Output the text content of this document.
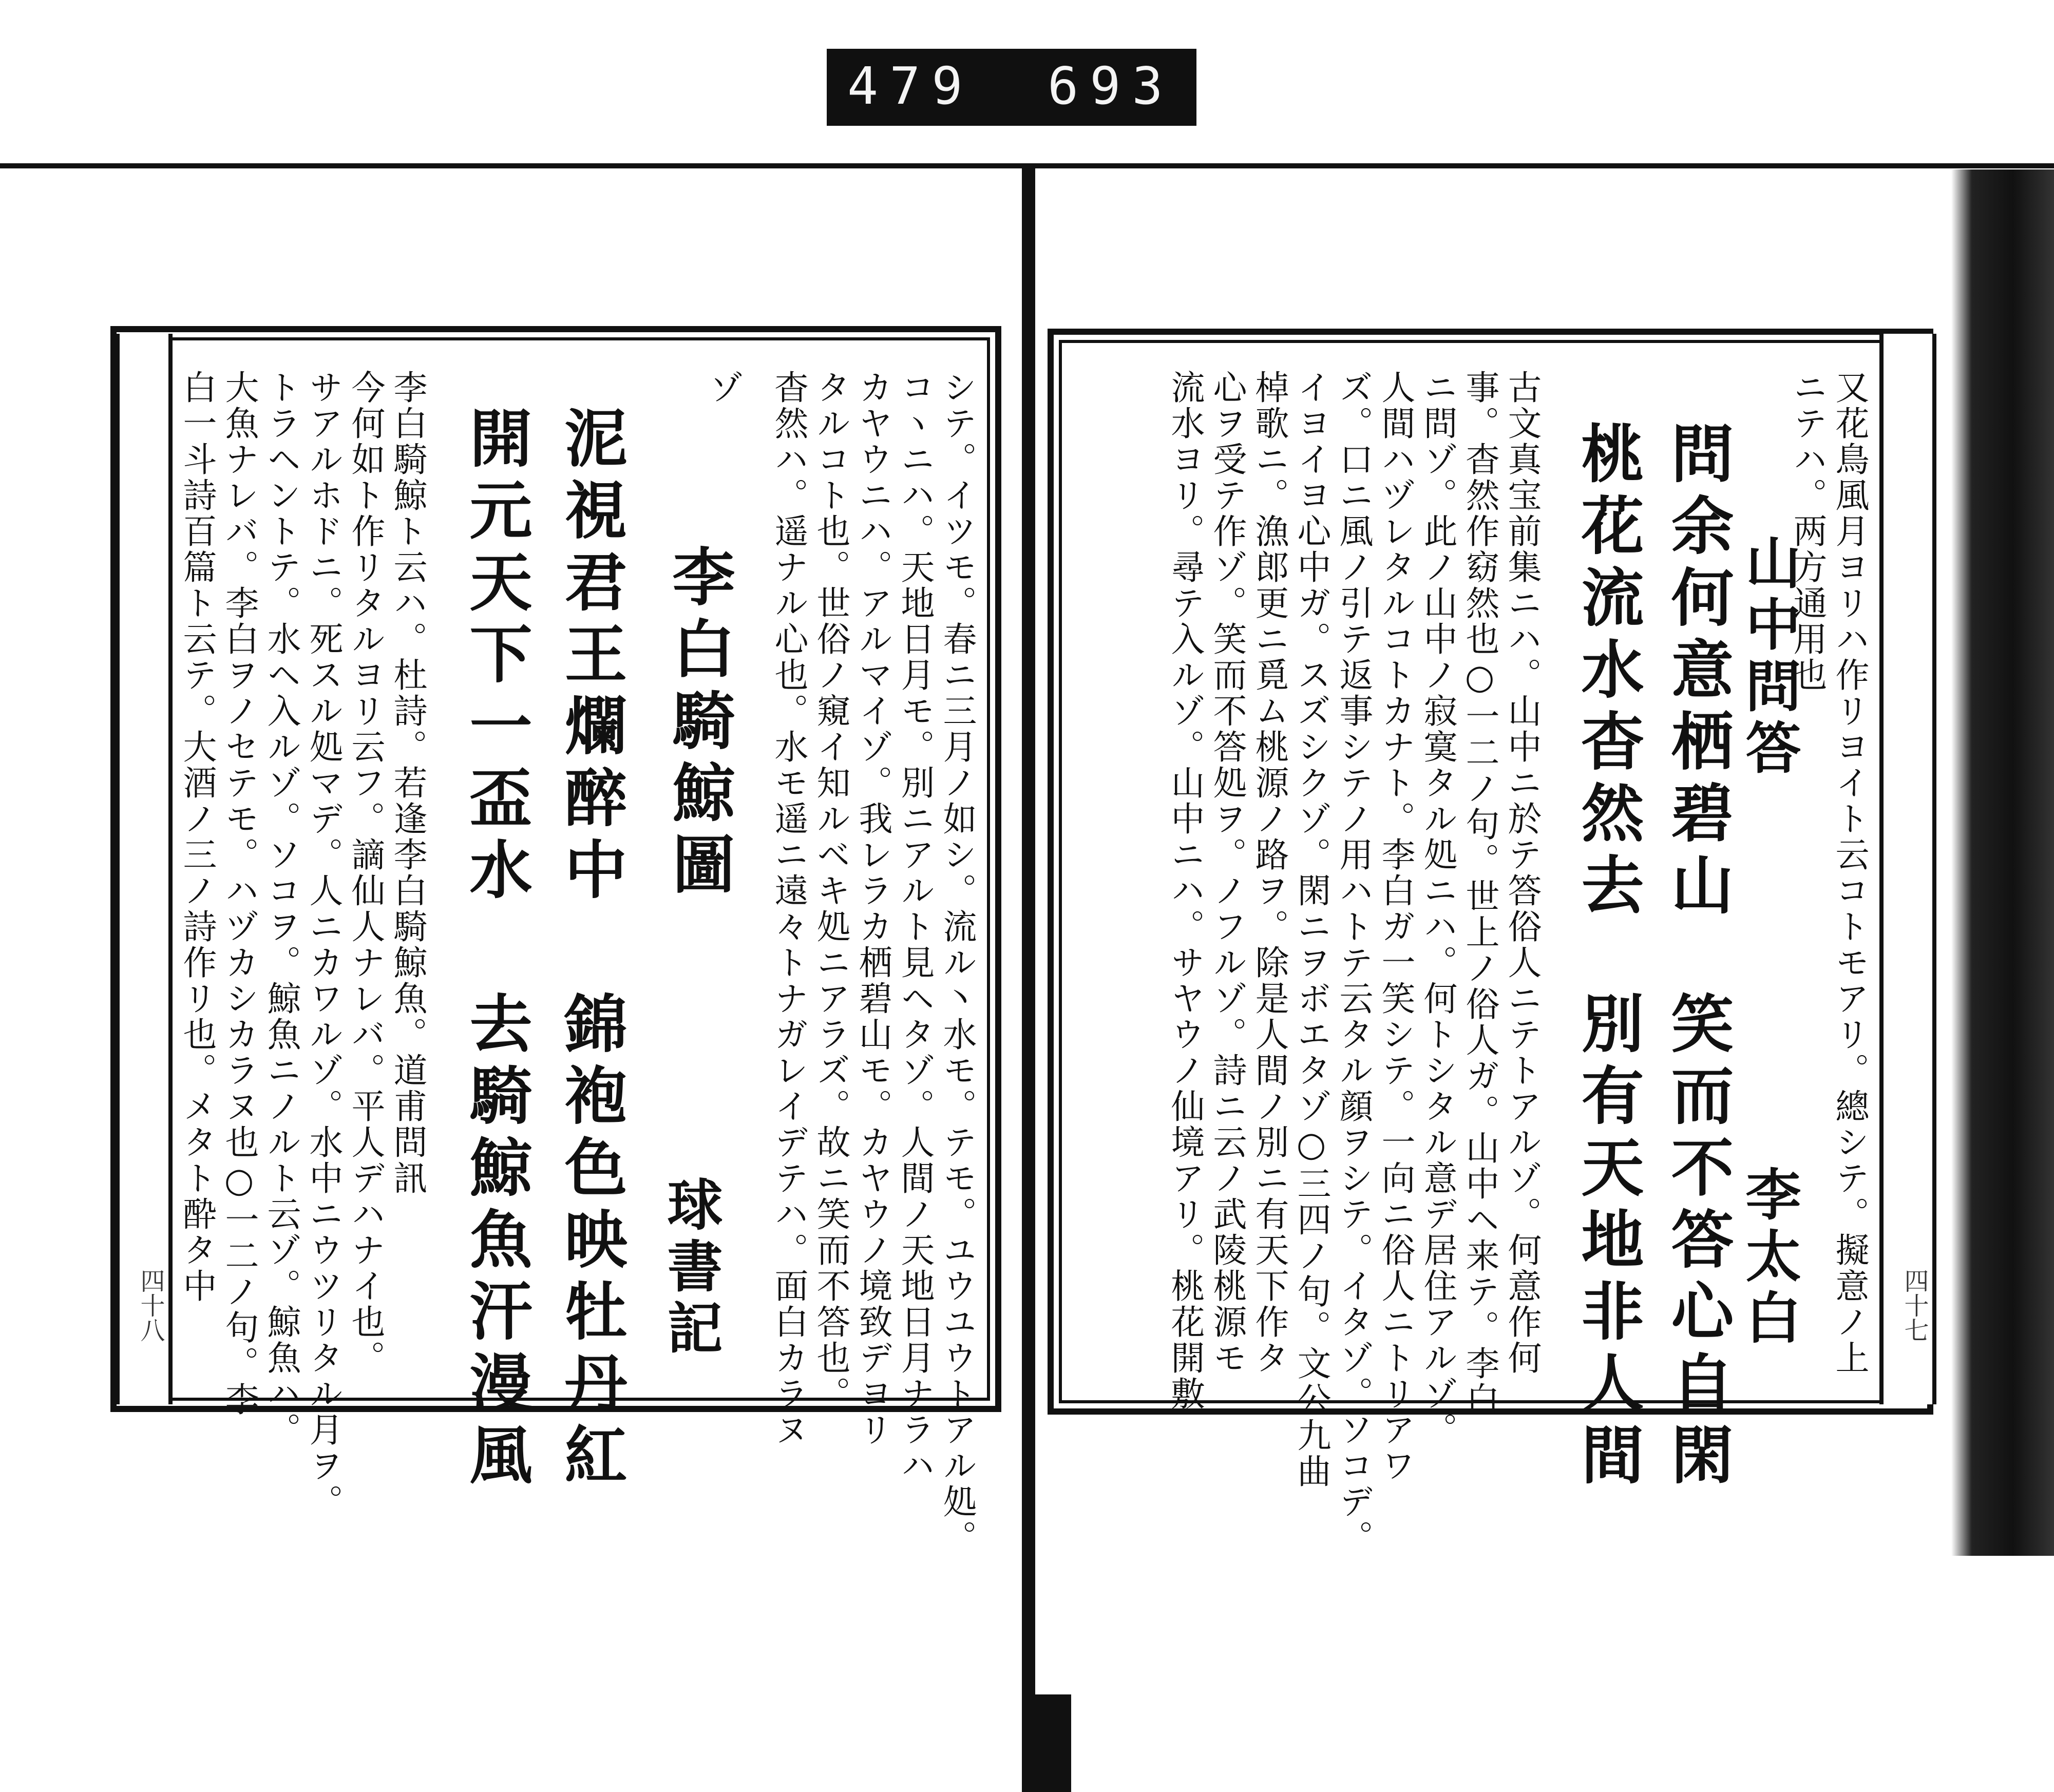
479 693
四十八	シテ。イツモ。春ニ三月ノ如シ。流ル丶水モ。テモ。ユウユウトアル処。
コヽニハ。天地日月モ。別ニアルト見ヘタゾ。人間ノ天地日月ナラハ
カヤウニハ。アルマイゾ。我レラカ栖碧山モ。カヤウノ境致デヨリ
タルコト也。世俗ノ窺イ知ルベキ処ニアラズ。故ニ笑而不答也。
杳然ハ。遥ナル心也。水モ遥ニ遠々トナガレイデテハ。面白カラヌ
ゾ
李白騎鯨圖
球書記
泥視君王爛醉中
開元天下一盃水
錦袍色映牡丹紅
去騎鯨魚汗漫風
李白騎鯨ト云ハ。杜詩。若逢李白騎鯨魚。道甫問訊
今何如ト作リタルヨリ云フ。謫仙人ナレバ。平人デハナイ也。
サアルホドニ。死スル処マデ。人ニカワルゾ。水中ニウツリタル月ヲ。
トラヘントテ。水ヘ入ルゾ。ソコヲ。鯨魚ニノルト云ゾ。鯨魚ハ。
大魚ナレバ。李白ヲノセテモ。ハヅカシカラヌ也○一二ノ句。李
白一斗詩百篇ト云テ。大酒ノ三ノ詩作リ也。メタト酔タ中
四十七
又花鳥風月ヨリハ作リヨイト云コトモアリ。總シテ。擬意ノ上
ニテハ。两方通用也
山中問答
問余何意栖碧山
桃花流水杳然去
李太白
笑而不答心自閑
別有天地非人間
古文真宝前集ニハ。山中ニ於テ答俗人ニテトアルゾ。何意作何
事。杳然作窈然也○一二ノ句。世上ノ俗人ガ。山中ヘ来テ。李白
ニ問ゾ。此ノ山中ノ寂寞タル処ニハ。何トシタル意デ居住アルゾ。
人間ハヅレタルコトカナト。李白ガ一笑シテ。一向ニ俗人ニトリアワ
ズ。口ニ風ノ引テ返事シテノ用ハトテ云タル顔ヲシテ。イタゾ。ソコデ。
イヨイヨ心中ガ。スズシクゾ。閑ニヲボエタゾ○三四ノ句。文公九曲
棹歌ニ。漁郎更ニ覓ム桃源ノ路ヲ。除是人間ノ別ニ有天下作タ
心ヲ受テ作ゾ。笑而不答処ヲ。ノフルゾ。詩ニ云ノ武陵桃源モ
流水ヨリ。尋テ入ルゾ。山中ニハ。サヤウノ仙境アリ。桃花開敷
